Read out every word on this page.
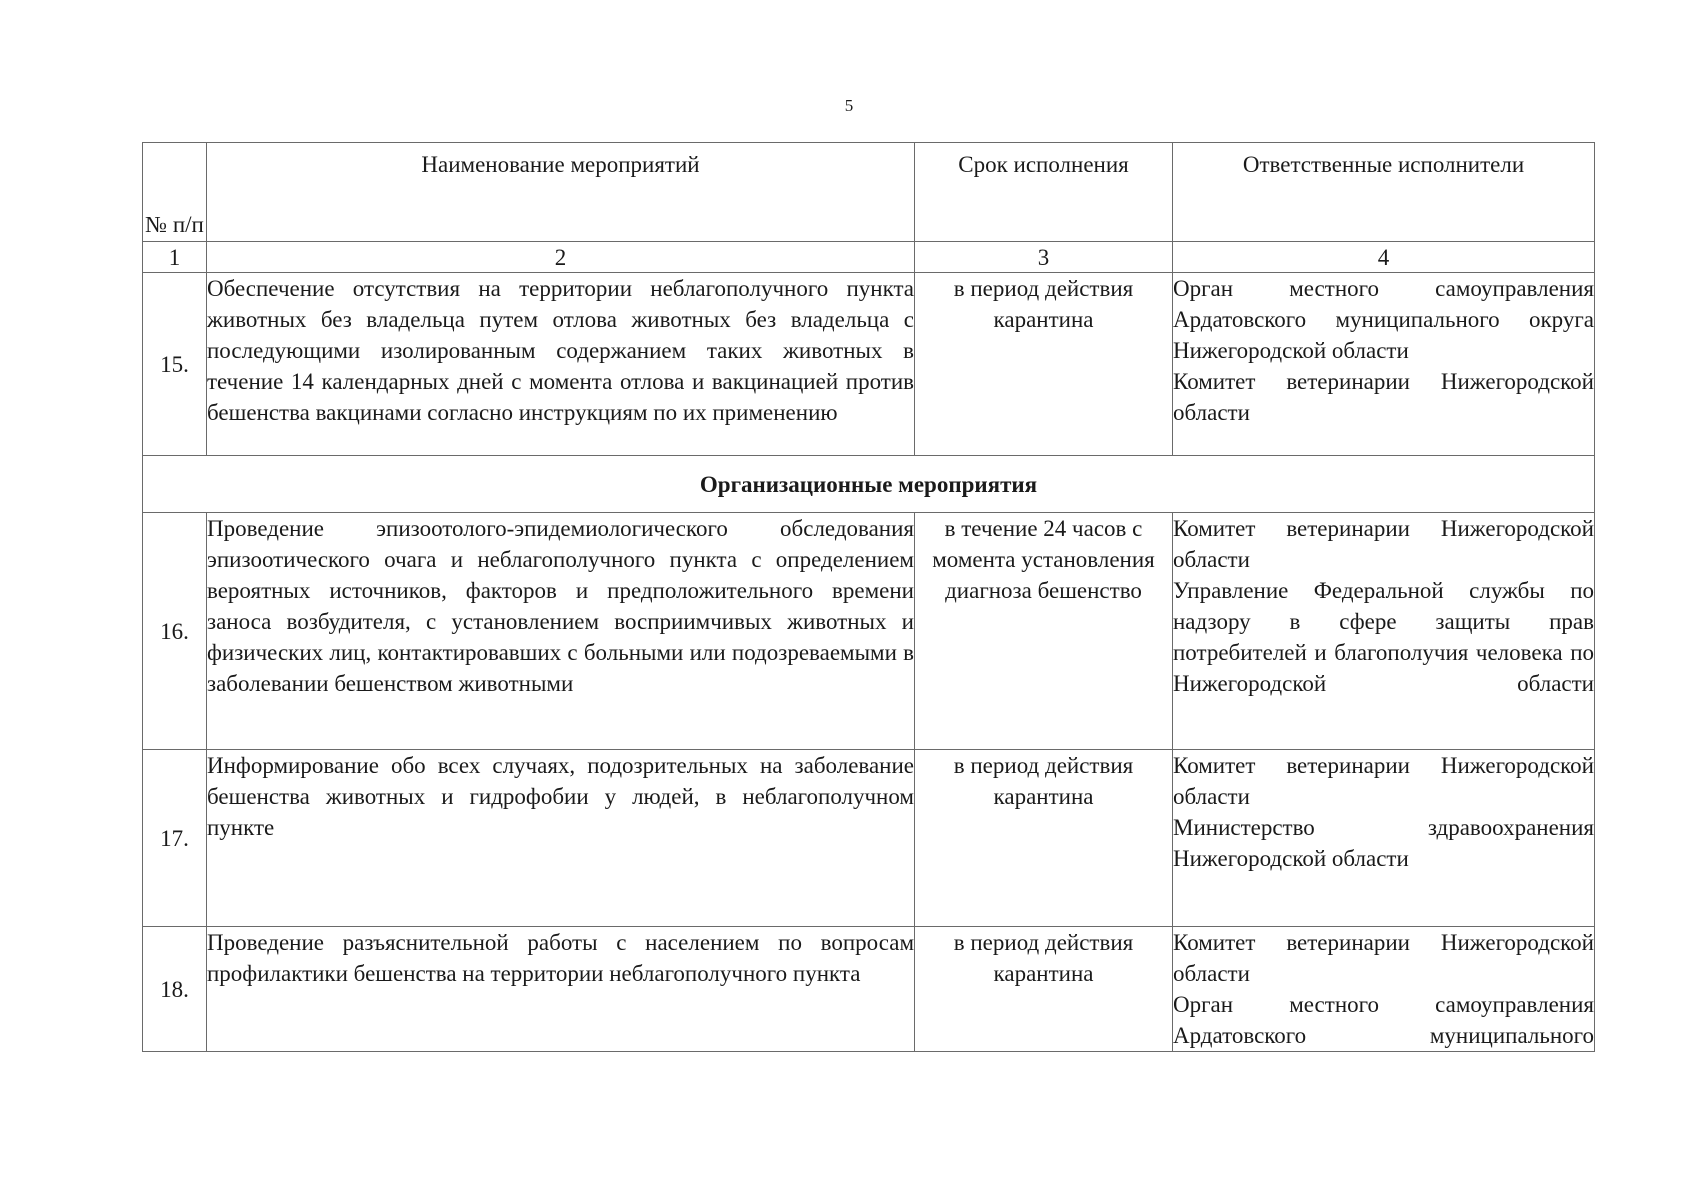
5
№ п/п	Наименование мероприятий	Срок исполнения	Ответственные исполнители
1	2	3	4
15.	Обеспечение отсутствия на территории неблагополучного пункта животных без владельца путем отлова животных без владельца с последующими изолированным содержанием таких животных в течение 14 календарных дней с момента отлова и вакцинацией против бешенства вакцинами согласно инструкциям по их применению	в период действия карантина	Орган местного самоуправления Ардатовского муниципального округа Нижегородской области
Комитет ветеринарии Нижегородской области

Организационные мероприятия			
16.	Проведение эпизоотолого-эпидемиологического обследования эпизоотического очага и неблагополучного пункта с определением вероятных источников, факторов и предположительного времени заноса возбудителя, с установлением восприимчивых животных и физических лиц, контактировавших с больными или подозреваемыми в заболевании бешенством животными	в течение 24 часов с момента установления диагноза бешенство	Комитет ветеринарии Нижегородской области
Управление Федеральной службы по надзору в сфере защиты прав потребителей и благополучия человека по Нижегородской области

17.	Информирование обо всех случаях, подозрительных на заболевание бешенства животных и гидрофобии у людей, в неблагополучном пункте	в период действия карантина	Комитет ветеринарии Нижегородской области
Министерство здравоохранения Нижегородской области

18.	Проведение разъяснительной работы с населением по вопросам профилактики бешенства на территории неблагополучного пункта	в период действия карантина	Комитет ветеринарии Нижегородской области
Орган местного самоуправления Ардатовского муниципального
